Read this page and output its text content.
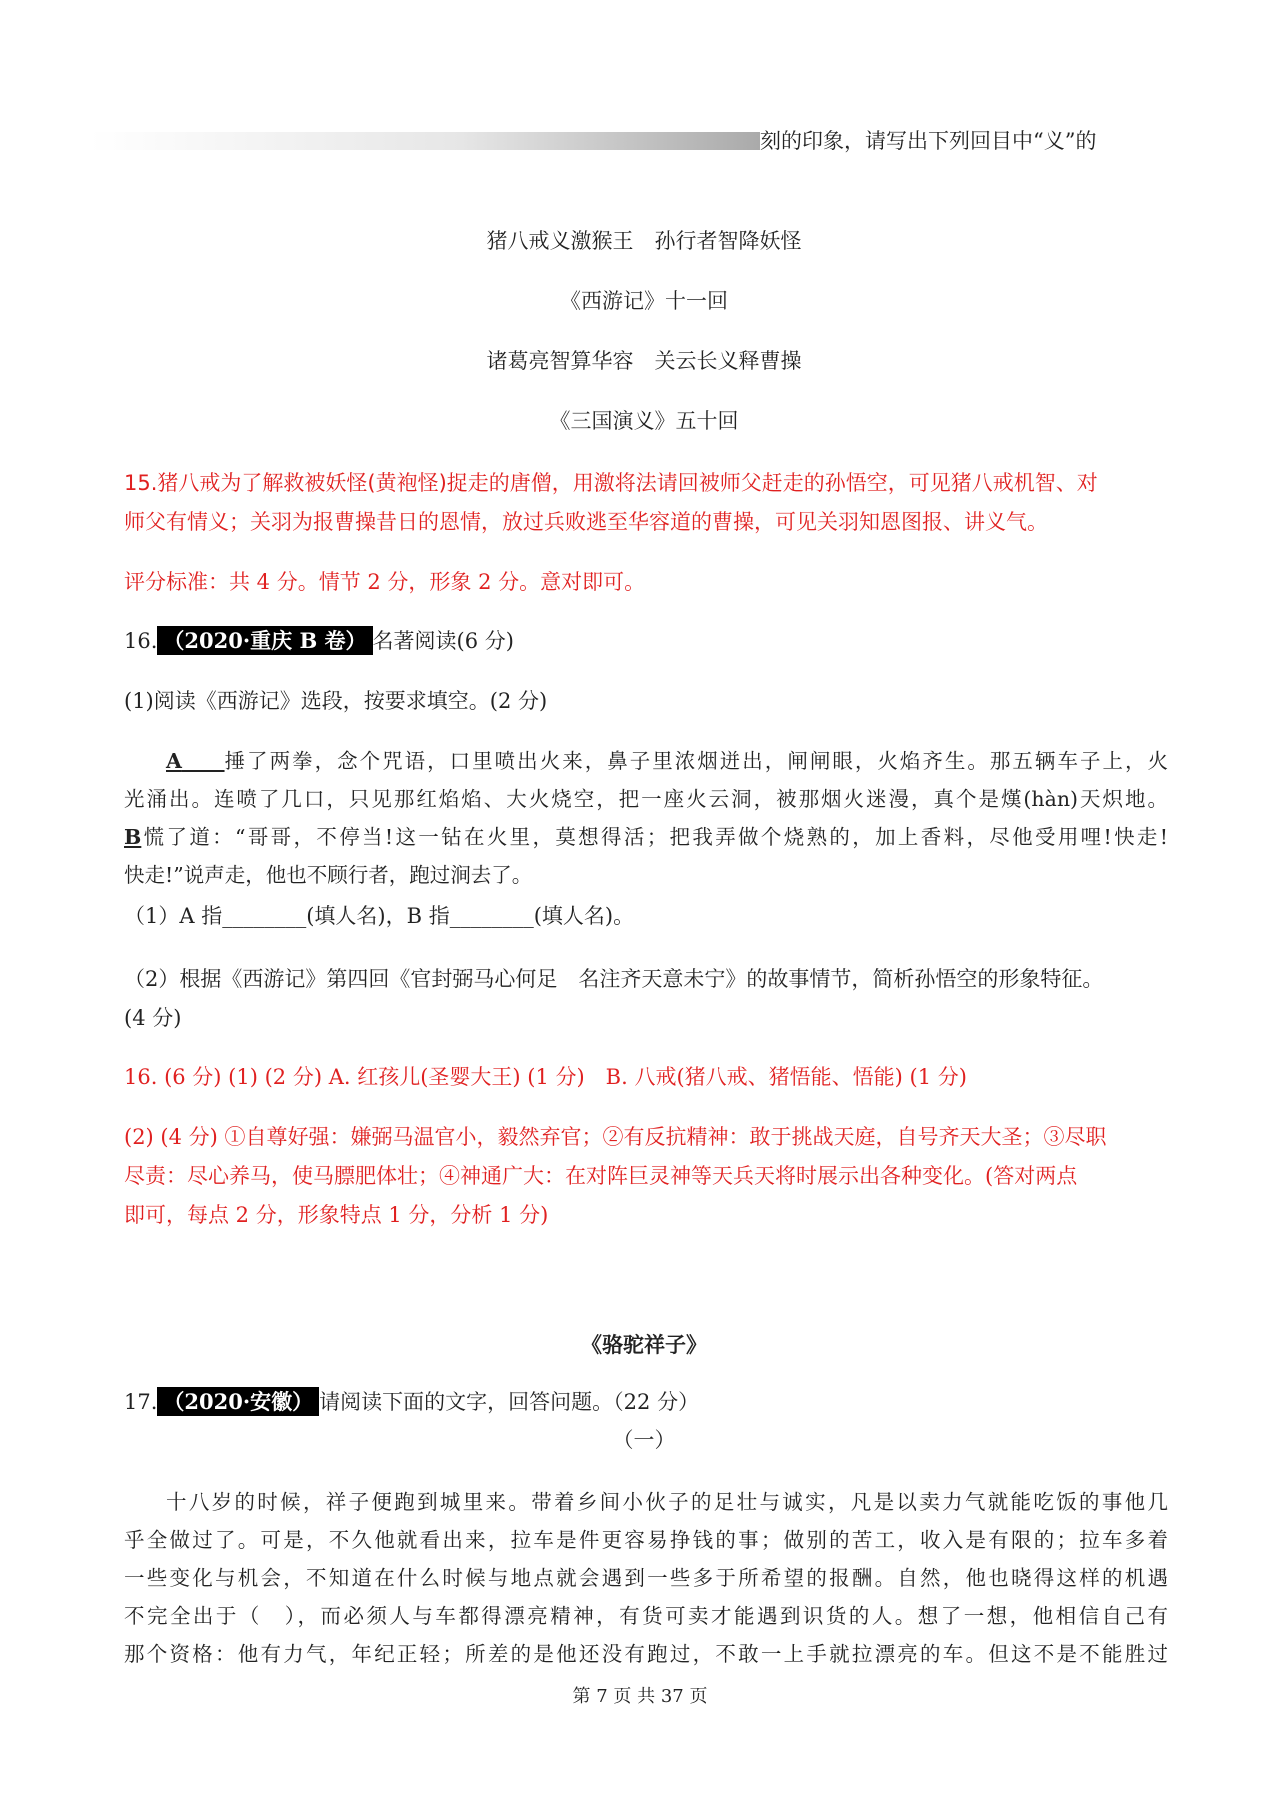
刻的印象，请写出下列回目中“义”的
猪八戒义激猴王　孙行者智降妖怪
《西游记》十一回
诸葛亮智算华容　关云长义释曹操
《三国演义》五十回
15.猪八戒为了解救被妖怪(黄袍怪)捉走的唐僧，用激将法请回被师父赶走的孙悟空，可见猪八戒机智、对
师父有情义；关羽为报曹操昔日的恩情，放过兵败逃至华容道的曹操，可见关羽知恩图报、讲义气。
评分标准：共 4 分。情节 2 分，形象 2 分。意对即可。
16. （2020·重庆 B 卷） 名著阅读(6 分)
(1)阅读《西游记》选段，按要求填空。(2 分)
A 捶了两拳，念个咒语，口里喷出火来，鼻子里浓烟迸出，闸闸眼，火焰齐生。那五辆车子上，火
光涌出。连喷了几口，只见那红焰焰、大火烧空，把一座火云洞，被那烟火迷漫，真个是熯(hàn)天炽地。
B慌了道：“哥哥，不停当!这一钻在火里，莫想得活；把我弄做个烧熟的，加上香料，尽他受用哩!快走!
快走!”说声走，他也不顾行者，跑过涧去了。
（1）A 指________(填人名)，B 指________(填人名)。
（2）根据《西游记》第四回《官封弼马心何足　名注齐天意未宁》的故事情节，简析孙悟空的形象特征。
(4 分)
16. (6 分) (1) (2 分) A. 红孩儿(圣婴大王) (1 分)　B. 八戒(猪八戒、猪悟能、悟能) (1 分)
(2) (4 分) ①自尊好强：嫌弼马温官小，毅然弃官；②有反抗精神：敢于挑战天庭，自号齐天大圣；③尽职
尽责：尽心养马，使马膘肥体壮；④神通广大：在对阵巨灵神等天兵天将时展示出各种变化。(答对两点
即可，每点 2 分，形象特点 1 分，分析 1 分)
《骆驼祥子》
17. （2020·安徽） 请阅读下面的文字，回答问题。（22 分）
（一）
十八岁的时候，祥子便跑到城里来。带着乡间小伙子的足壮与诚实，凡是以卖力气就能吃饭的事他几
乎全做过了。可是，不久他就看出来，拉车是件更容易挣钱的事；做别的苦工，收入是有限的；拉车多着
一些变化与机会，不知道在什么时候与地点就会遇到一些多于所希望的报酬。自然，他也晓得这样的机遇
不完全出于（　），而必须人与车都得漂亮精神，有货可卖才能遇到识货的人。想了一想，他相信自己有
那个资格：他有力气，年纪正轻；所差的是他还没有跑过，不敢一上手就拉漂亮的车。但这不是不能胜过
第 7 页 共 37 页
